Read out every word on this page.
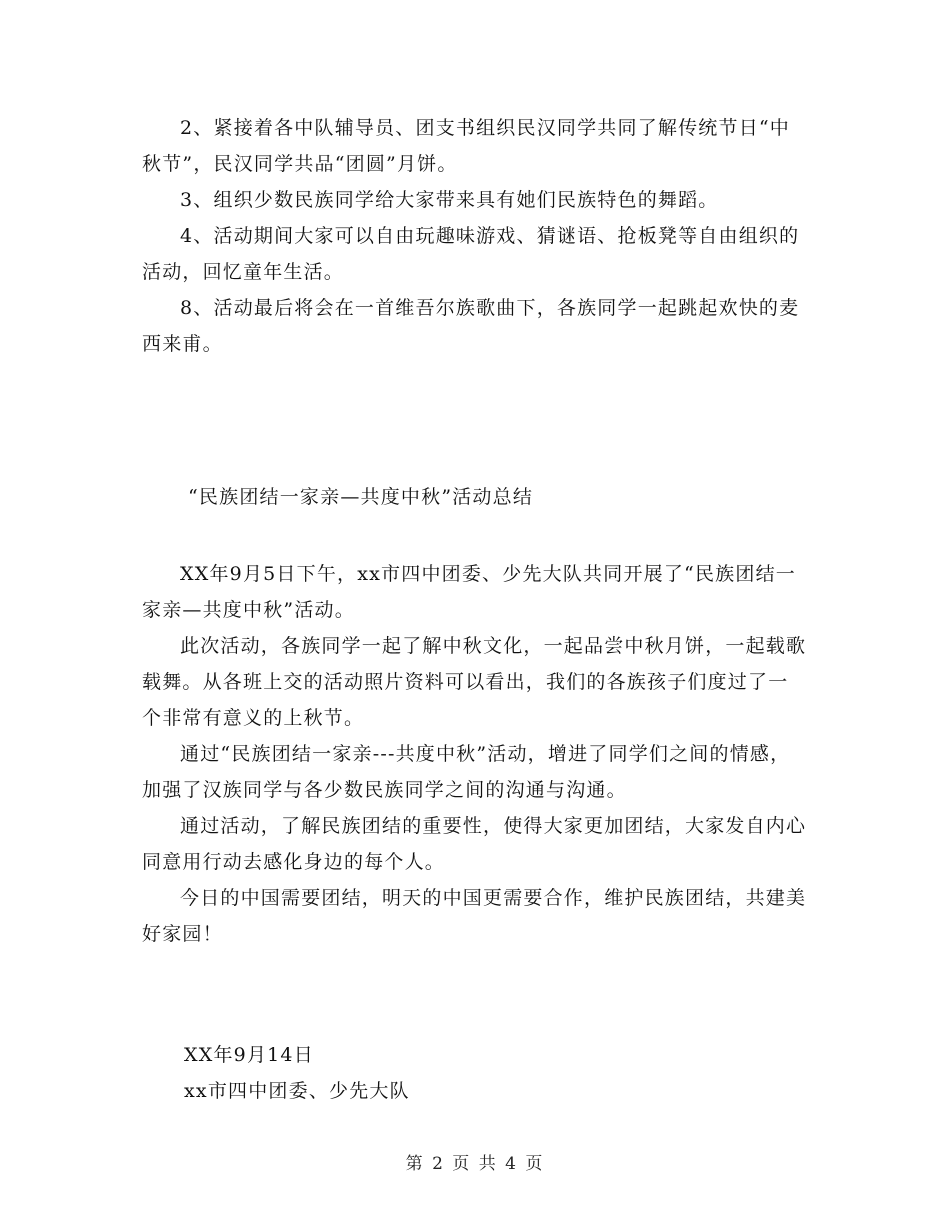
2、紧接着各中队辅导员、团支书组织民汉同学共同了解传统节日“中秋节”，民汉同学共品“团圆”月饼。

3、组织少数民族同学给大家带来具有她们民族特色的舞蹈。

4、活动期间大家可以自由玩趣味游戏、猜谜语、抢板凳等自由组织的活动，回忆童年生活。

8、活动最后将会在一首维吾尔族歌曲下，各族同学一起跳起欢快的麦西来甫。

“民族团结一家亲—共度中秋”活动总结

XX年9月5日下午，xx市四中团委、少先大队共同开展了“民族团结一家亲—共度中秋”活动。

此次活动，各族同学一起了解中秋文化，一起品尝中秋月饼，一起载歌载舞。从各班上交的活动照片资料可以看出，我们的各族孩子们度过了一个非常有意义的上秋节。

通过“民族团结一家亲---共度中秋”活动，增进了同学们之间的情感，加强了汉族同学与各少数民族同学之间的沟通与沟通。

通过活动，了解民族团结的重要性，使得大家更加团结，大家发自内心同意用行动去感化身边的每个人。

今日的中国需要团结，明天的中国更需要合作，维护民族团结，共建美好家园！

XX年9月14日
xx市四中团委、少先大队
第 2 页 共 4 页
